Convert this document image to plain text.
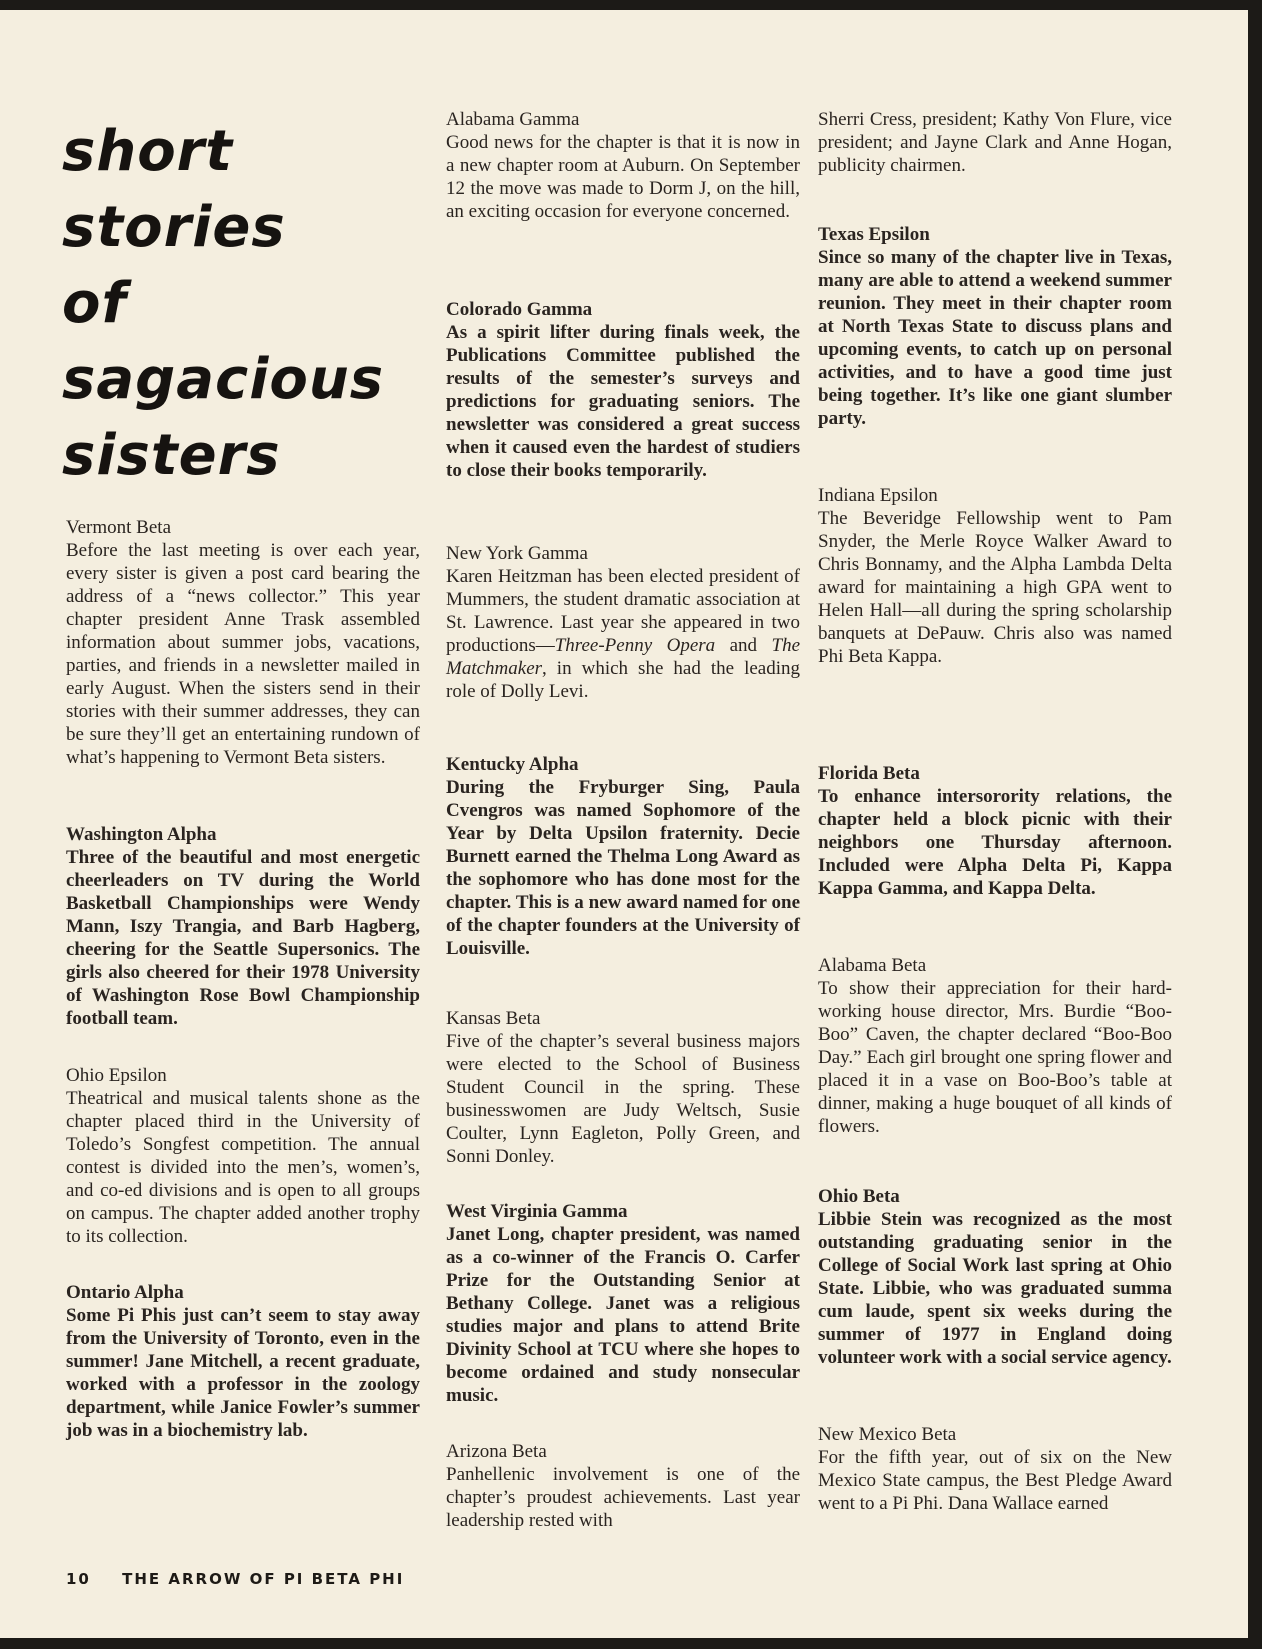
short
stories
of
sagacious
sisters
Vermont Beta

Before the last meeting is over each year, every sister is given a post card bearing the address of a “news collector.” This year chapter president Anne Trask assembled information about summer jobs, vacations, parties, and friends in a newsletter mailed in early August. When the sisters send in their stories with their summer addresses, they can be sure they’ll get an entertaining rundown of what’s happening to Vermont Beta sisters.

Washington Alpha

Three of the beautiful and most energetic cheerleaders on TV during the World Basketball Championships were Wendy Mann, Iszy Trangia, and Barb Hagberg, cheering for the Seattle Supersonics. The girls also cheered for their 1978 University of Washington Rose Bowl Championship football team.

Ohio Epsilon

Theatrical and musical talents shone as the chapter placed third in the University of Toledo’s Songfest competition. The annual contest is divided into the men’s, women’s, and co-ed divisions and is open to all groups on campus. The chapter added another trophy to its collection.

Ontario Alpha

Some Pi Phis just can’t seem to stay away from the University of Toronto, even in the summer! Jane Mitchell, a recent graduate, worked with a professor in the zoology department, while Janice Fowler’s summer job was in a biochemistry lab.

Alabama Gamma

Good news for the chapter is that it is now in a new chapter room at Auburn. On September 12 the move was made to Dorm J, on the hill, an exciting occasion for everyone concerned.

Colorado Gamma

As a spirit lifter during finals week, the Publications Committee published the results of the semester’s surveys and predictions for graduating seniors. The newsletter was considered a great success when it caused even the hardest of studiers to close their books temporarily.

New York Gamma

Karen Heitzman has been elected president of Mummers, the student dramatic association at St. Lawrence. Last year she appeared in two productions—Three-Penny Opera and The Matchmaker, in which she had the leading role of Dolly Levi.

Kentucky Alpha

During the Fryburger Sing, Paula Cvengros was named Sophomore of the Year by Delta Upsilon fraternity. Decie Burnett earned the Thelma Long Award as the sophomore who has done most for the chapter. This is a new award named for one of the chapter founders at the University of Louisville.

Kansas Beta

Five of the chapter’s several business majors were elected to the School of Business Student Council in the spring. These businesswomen are Judy Weltsch, Susie Coulter, Lynn Eagleton, Polly Green, and Sonni Donley.

West Virginia Gamma

Janet Long, chapter president, was named as a co-winner of the Francis O. Carfer Prize for the Outstanding Senior at Bethany College. Janet was a religious studies major and plans to attend Brite Divinity School at TCU where she hopes to become ordained and study nonsecular music.

Arizona Beta

Panhellenic involvement is one of the chapter’s proudest achievements. Last year leadership rested with

Sherri Cress, president; Kathy Von Flure, vice president; and Jayne Clark and Anne Hogan, publicity chairmen.

Texas Epsilon

Since so many of the chapter live in Texas, many are able to attend a weekend summer reunion. They meet in their chapter room at North Texas State to discuss plans and upcoming events, to catch up on personal activities, and to have a good time just being together. It’s like one giant slumber party.

Indiana Epsilon

The Beveridge Fellowship went to Pam Snyder, the Merle Royce Walker Award to Chris Bonnamy, and the Alpha Lambda Delta award for maintaining a high GPA went to Helen Hall—all during the spring scholarship banquets at DePauw. Chris also was named Phi Beta Kappa.

Florida Beta

To enhance intersorority relations, the chapter held a block picnic with their neighbors one Thursday afternoon. Included were Alpha Delta Pi, Kappa Kappa Gamma, and Kappa Delta.

Alabama Beta

To show their appreciation for their hard-working house director, Mrs. Burdie “Boo-Boo” Caven, the chapter declared “Boo-Boo Day.” Each girl brought one spring flower and placed it in a vase on Boo-Boo’s table at dinner, making a huge bouquet of all kinds of flowers.

Ohio Beta

Libbie Stein was recognized as the most outstanding graduating senior in the College of Social Work last spring at Ohio State. Libbie, who was graduated summa cum laude, spent six weeks during the summer of 1977 in England doing volunteer work with a social service agency.

New Mexico Beta

For the fifth year, out of six on the New Mexico State campus, the Best Pledge Award went to a Pi Phi. Dana Wallace earned

10 THE ARROW OF PI BETA PHI
